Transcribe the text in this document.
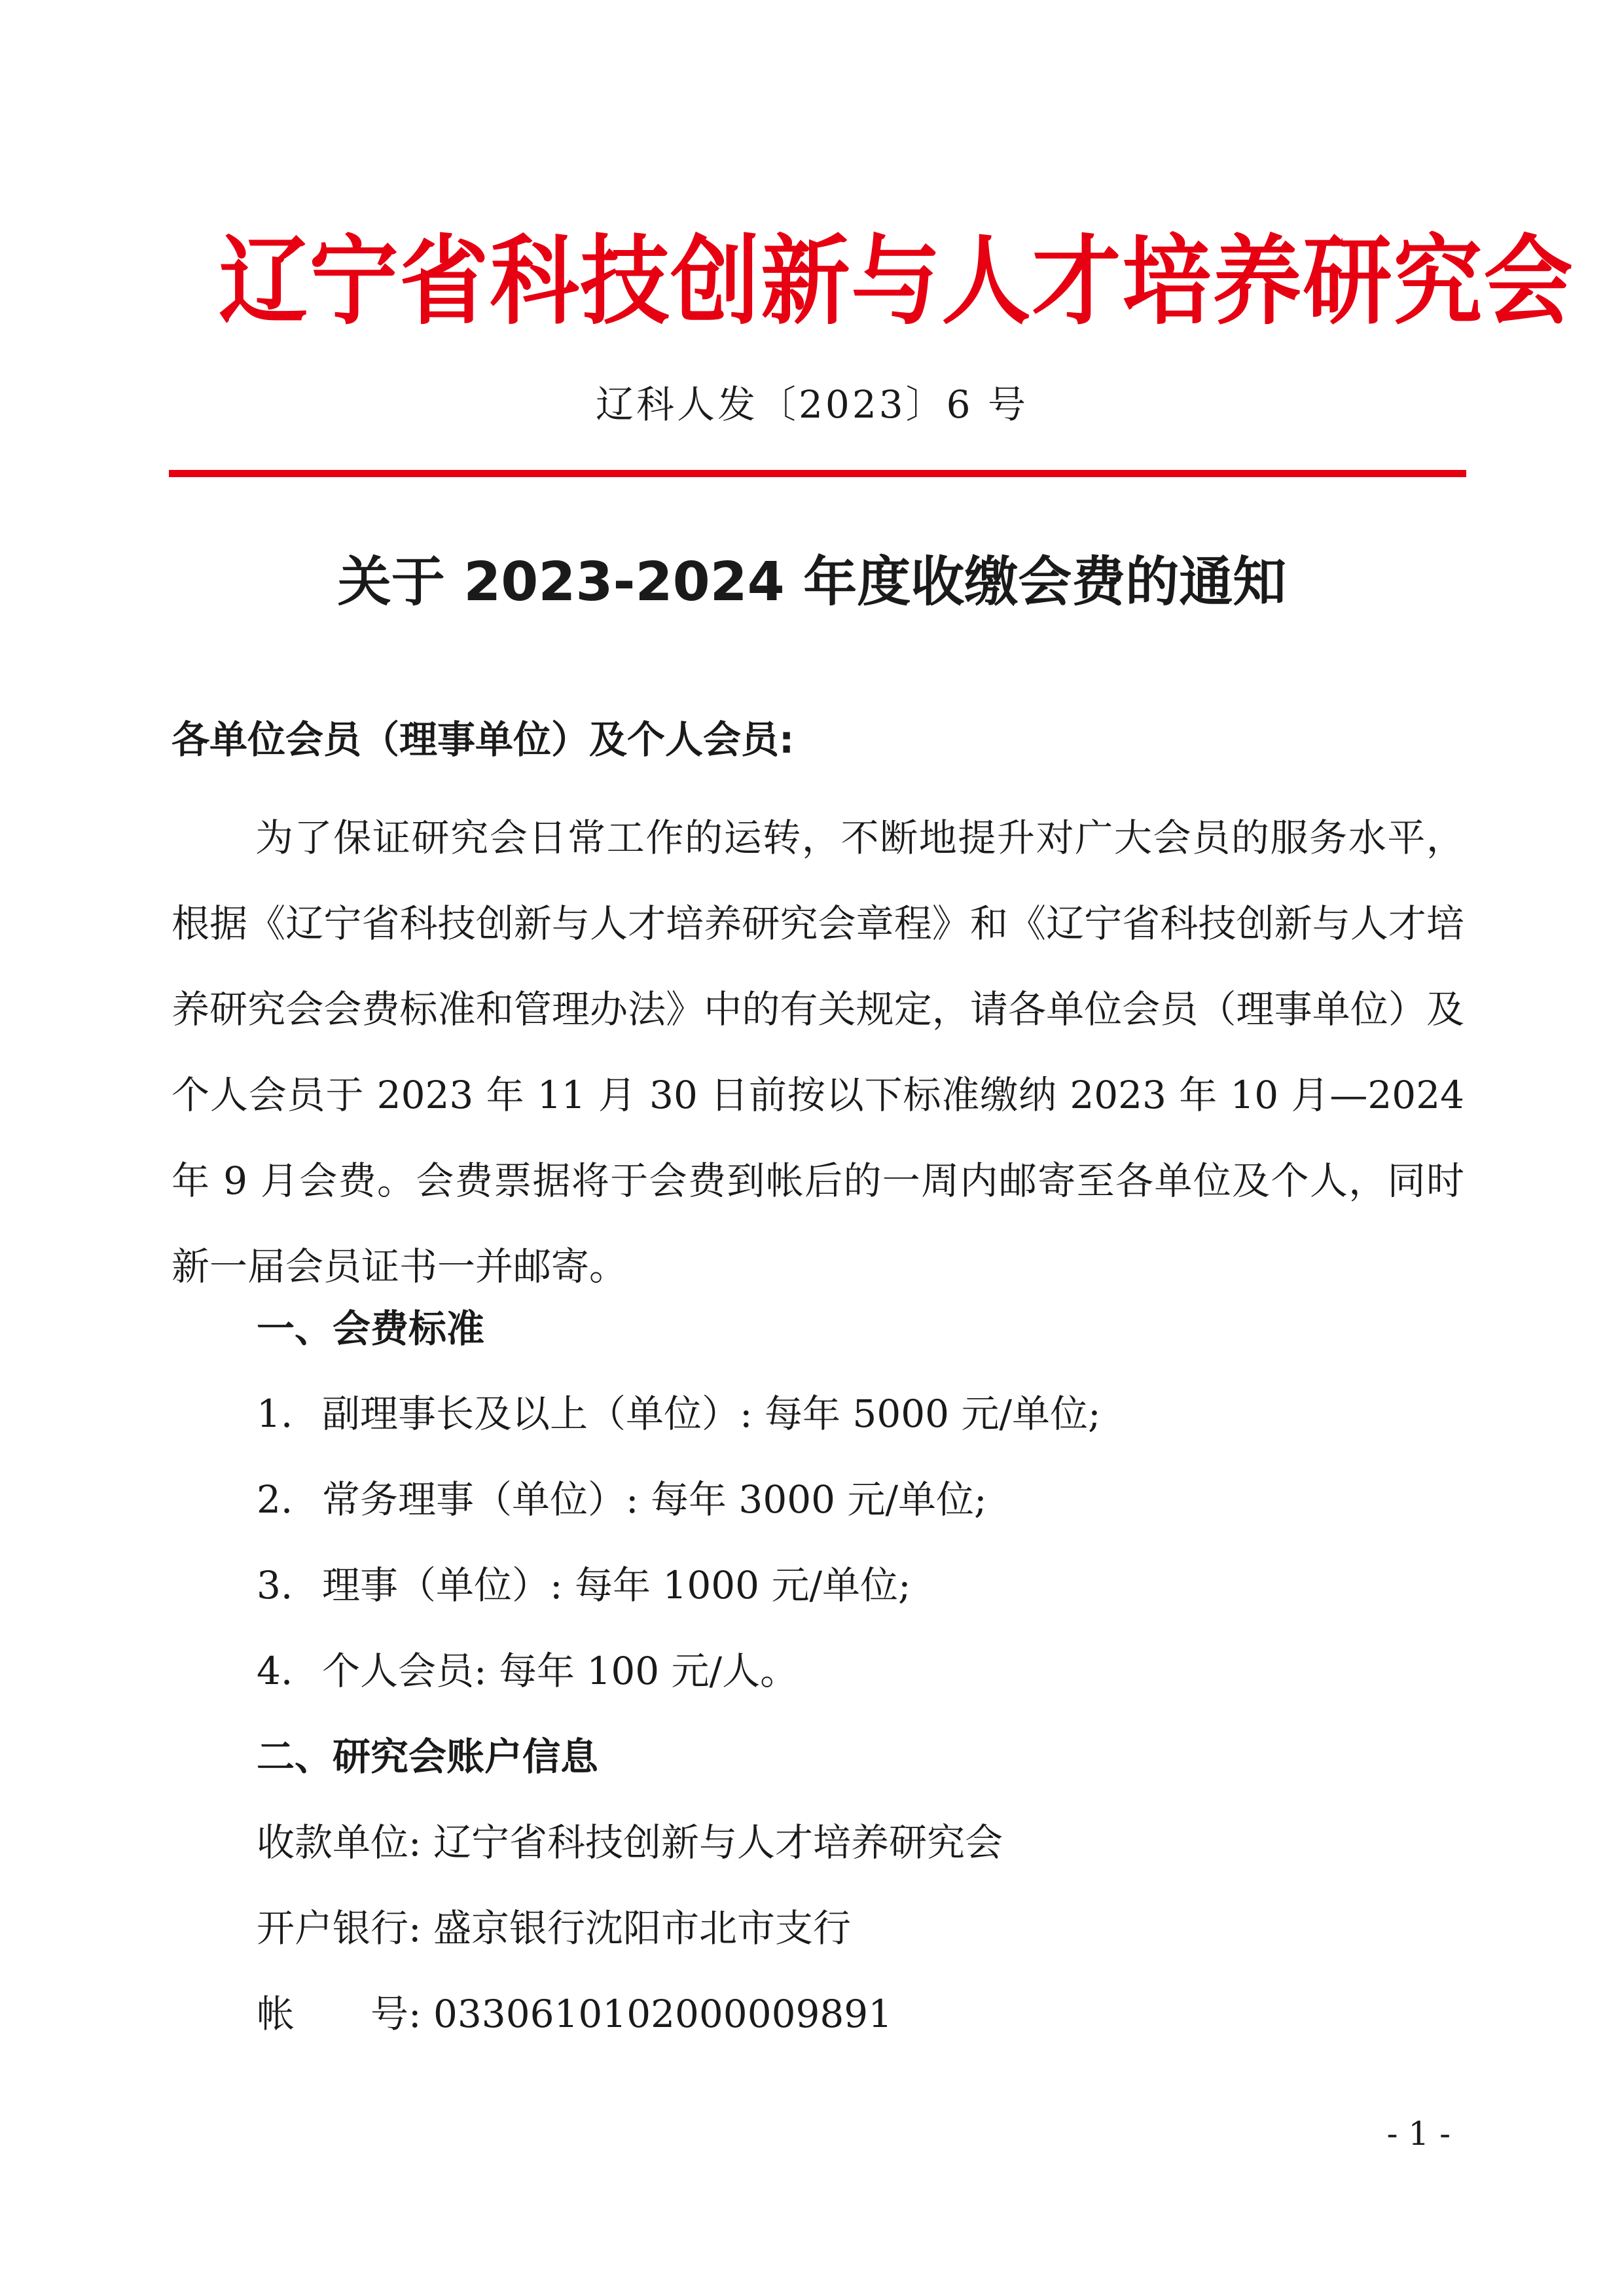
辽宁省科技创新与人才培养研究会
辽科人发〔2023〕6 号
关于 2023-2024 年度收缴会费的通知
各单位会员（理事单位）及个人会员:

为了保证研究会日常工作的运转，不断地提升对广大会员的服务水平，根据《辽宁省科技创新与人才培养研究会章程》和《辽宁省科技创新与人才培养研究会会费标准和管理办法》中的有关规定，请各单位会员（理事单位）及个人会员于 2023 年 11 月 30 日前按以下标准缴纳 2023 年 10 月—2024 年 9 月会费。会费票据将于会费到帐后的一周内邮寄至各单位及个人，同时新一届会员证书一并邮寄。

一、会费标准
1. 副理事长及以上（单位）: 每年 5000 元/单位;
2. 常务理事（单位）: 每年 3000 元/单位;
3. 理事（单位）: 每年 1000 元/单位;
4. 个人会员: 每年 100 元/人。
二、研究会账户信息
收款单位: 辽宁省科技创新与人才培养研究会
开户银行: 盛京银行沈阳市北市支行
帐　　号: 0330610102000009891
- 1 -
